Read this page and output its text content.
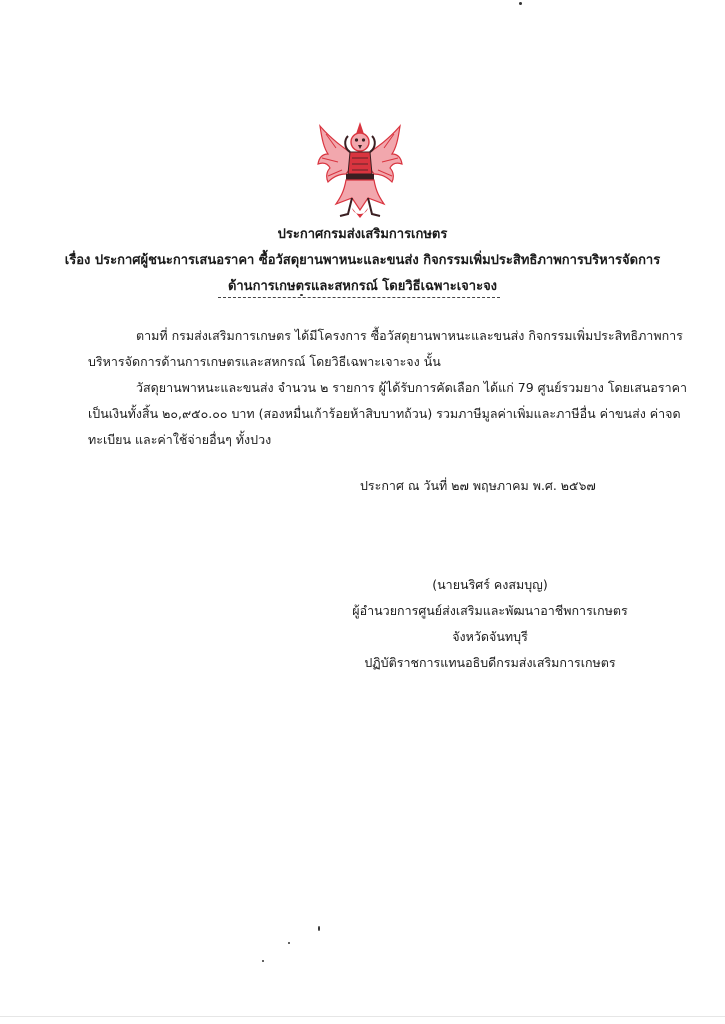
ประกาศกรมส่งเสริมการเกษตร
เรื่อง ประกาศผู้ชนะการเสนอราคา ซื้อวัสดุยานพาหนะและขนส่ง กิจกรรมเพิ่มประสิทธิภาพการบริหารจัดการ
ด้านการเกษตรและสหกรณ์ โดยวิธีเฉพาะเจาะจง
ตามที่ กรมส่งเสริมการเกษตร ได้มีโครงการ ซื้อวัสดุยานพาหนะและขนส่ง กิจกรรมเพิ่มประสิทธิภาพการ
บริหารจัดการด้านการเกษตรและสหกรณ์ โดยวิธีเฉพาะเจาะจง นั้น
วัสดุยานพาหนะและขนส่ง จำนวน ๒ รายการ ผู้ได้รับการคัดเลือก ได้แก่ 79 ศูนย์รวมยาง โดยเสนอราคา
เป็นเงินทั้งสิ้น ๒๐,๙๕๐.๐๐ บาท (สองหมื่นเก้าร้อยห้าสิบบาทถ้วน) รวมภาษีมูลค่าเพิ่มและภาษีอื่น ค่าขนส่ง ค่าจด
ทะเบียน และค่าใช้จ่ายอื่นๆ ทั้งปวง
ประกาศ ณ วันที่ ๒๗ พฤษภาคม พ.ศ. ๒๕๖๗
(นายนริศร์ คงสมบุญ)
ผู้อำนวยการศูนย์ส่งเสริมและพัฒนาอาชีพการเกษตร
จังหวัดจันทบุรี
ปฏิบัติราชการแทนอธิบดีกรมส่งเสริมการเกษตร
